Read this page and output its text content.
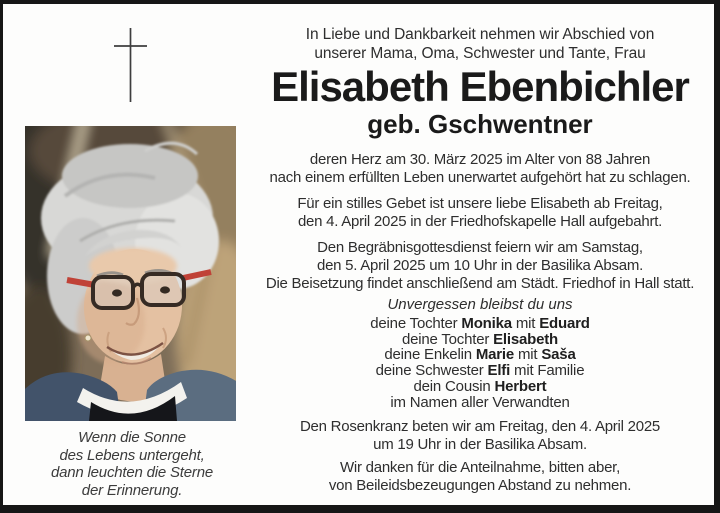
Wenn die Sonne
des Lebens untergeht,
dann leuchten die Sterne
der Erinnerung.
In Liebe und Dankbarkeit nehmen wir Abschied von
unserer Mama, Oma, Schwester und Tante, Frau
Elisabeth Ebenbichler
geb. Gschwentner
deren Herz am 30. März 2025 im Alter von 88 Jahren
nach einem erfüllten Leben unerwartet aufgehört hat zu schlagen.
Für ein stilles Gebet ist unsere liebe Elisabeth ab Freitag,
den 4. April 2025 in der Friedhofskapelle Hall aufgebahrt.
Den Begräbnisgottesdienst feiern wir am Samstag,
den 5. April 2025 um 10 Uhr in der Basilika Absam.
Die Beisetzung findet anschließend am Städt. Friedhof in Hall statt.
Unvergessen bleibst du uns
deine Tochter Monika mit Eduard
deine Tochter Elisabeth
deine Enkelin Marie mit Saša
deine Schwester Elfi mit Familie
dein Cousin Herbert
im Namen aller Verwandten
Den Rosenkranz beten wir am Freitag, den 4. April 2025
um 19 Uhr in der Basilika Absam.
Wir danken für die Anteilnahme, bitten aber,
von Beileidsbezeugungen Abstand zu nehmen.
